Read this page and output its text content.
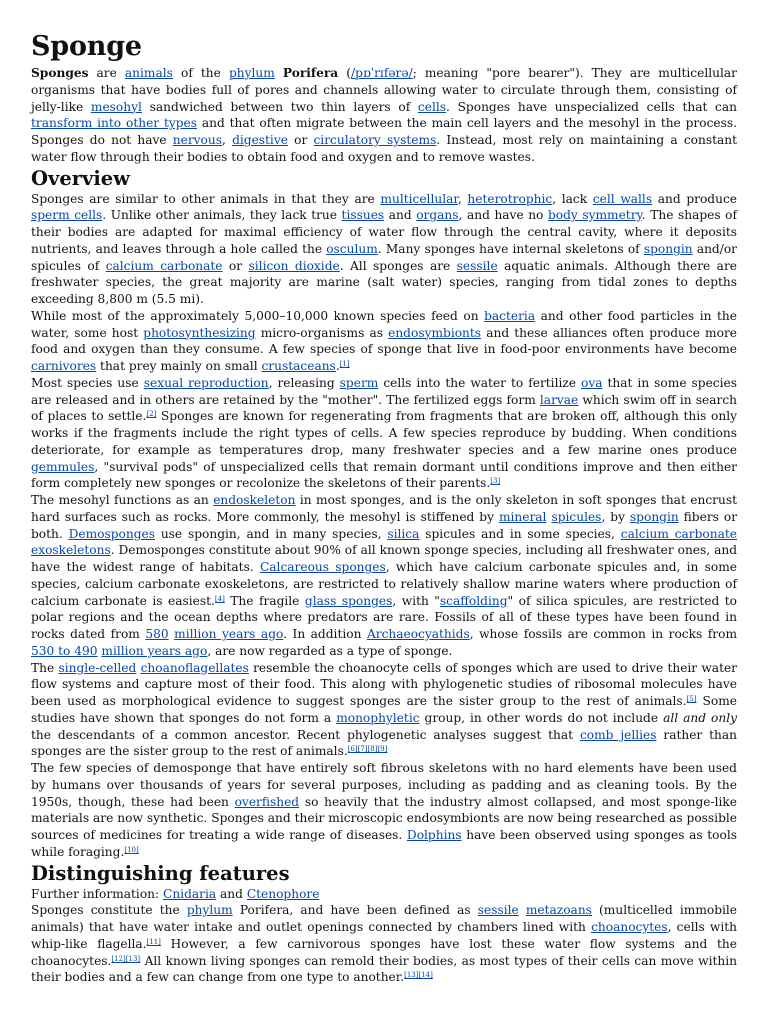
Sponge

Sponges are animals of the phylum Porifera (/pɒˈrɪfərə/; meaning "pore bearer"). They are multicellular organisms that have bodies full of pores and channels allowing water to circulate through them, consisting of jelly-like mesohyl sandwiched between two thin layers of cells. Sponges have unspecialized cells that can transform into other types and that often migrate between the main cell layers and the mesohyl in the process. Sponges do not have nervous, digestive or circulatory systems. Instead, most rely on maintaining a constant water flow through their bodies to obtain food and oxygen and to remove wastes.

Overview

Sponges are similar to other animals in that they are multicellular, heterotrophic, lack cell walls and produce sperm cells. Unlike other animals, they lack true tissues and organs, and have no body symmetry. The shapes of their bodies are adapted for maximal efficiency of water flow through the central cavity, where it deposits nutrients, and leaves through a hole called the osculum. Many sponges have internal skeletons of spongin and/or spicules of calcium carbonate or silicon dioxide. All sponges are sessile aquatic animals. Although there are freshwater species, the great majority are marine (salt water) species, ranging from tidal zones to depths exceeding 8,800 m (5.5 mi).

While most of the approximately 5,000–10,000 known species feed on bacteria and other food particles in the water, some host photosynthesizing micro-organisms as endosymbionts and these alliances often produce more food and oxygen than they consume. A few species of sponge that live in food-poor environments have become carnivores that prey mainly on small crustaceans.[1]

Most species use sexual reproduction, releasing sperm cells into the water to fertilize ova that in some species are released and in others are retained by the "mother". The fertilized eggs form larvae which swim off in search of places to settle.[2] Sponges are known for regenerating from fragments that are broken off, although this only works if the fragments include the right types of cells. A few species reproduce by budding. When conditions deteriorate, for example as temperatures drop, many freshwater species and a few marine ones produce gemmules, "survival pods" of unspecialized cells that remain dormant until conditions improve and then either form completely new sponges or recolonize the skeletons of their parents.[3]

The mesohyl functions as an endoskeleton in most sponges, and is the only skeleton in soft sponges that encrust hard surfaces such as rocks. More commonly, the mesohyl is stiffened by mineral spicules, by spongin fibers or both. Demosponges use spongin, and in many species, silica spicules and in some species, calcium carbonate exoskeletons. Demosponges constitute about 90% of all known sponge species, including all freshwater ones, and have the widest range of habitats. Calcareous sponges, which have calcium carbonate spicules and, in some species, calcium carbonate exoskeletons, are restricted to relatively shallow marine waters where production of calcium carbonate is easiest.[4] The fragile glass sponges, with "scaffolding" of silica spicules, are restricted to polar regions and the ocean depths where predators are rare. Fossils of all of these types have been found in rocks dated from 580 million years ago. In addition Archaeocyathids, whose fossils are common in rocks from 530 to 490 million years ago, are now regarded as a type of sponge.

The single-celled choanoflagellates resemble the choanocyte cells of sponges which are used to drive their water flow systems and capture most of their food. This along with phylogenetic studies of ribosomal molecules have been used as morphological evidence to suggest sponges are the sister group to the rest of animals.[5] Some studies have shown that sponges do not form a monophyletic group, in other words do not include all and only the descendants of a common ancestor. Recent phylogenetic analyses suggest that comb jellies rather than sponges are the sister group to the rest of animals.[6][7][8][9]

The few species of demosponge that have entirely soft fibrous skeletons with no hard elements have been used by humans over thousands of years for several purposes, including as padding and as cleaning tools. By the 1950s, though, these had been overfished so heavily that the industry almost collapsed, and most sponge-like materials are now synthetic. Sponges and their microscopic endosymbionts are now being researched as possible sources of medicines for treating a wide range of diseases. Dolphins have been observed using sponges as tools while foraging.[10]

Distinguishing features

Further information: Cnidaria and Ctenophore

Sponges constitute the phylum Porifera, and have been defined as sessile metazoans (multicelled immobile animals) that have water intake and outlet openings connected by chambers lined with choanocytes, cells with whip-like flagella.[11] However, a few carnivorous sponges have lost these water flow systems and the choanocytes.[12][13] All known living sponges can remold their bodies, as most types of their cells can move within their bodies and a few can change from one type to another.[13][14]
